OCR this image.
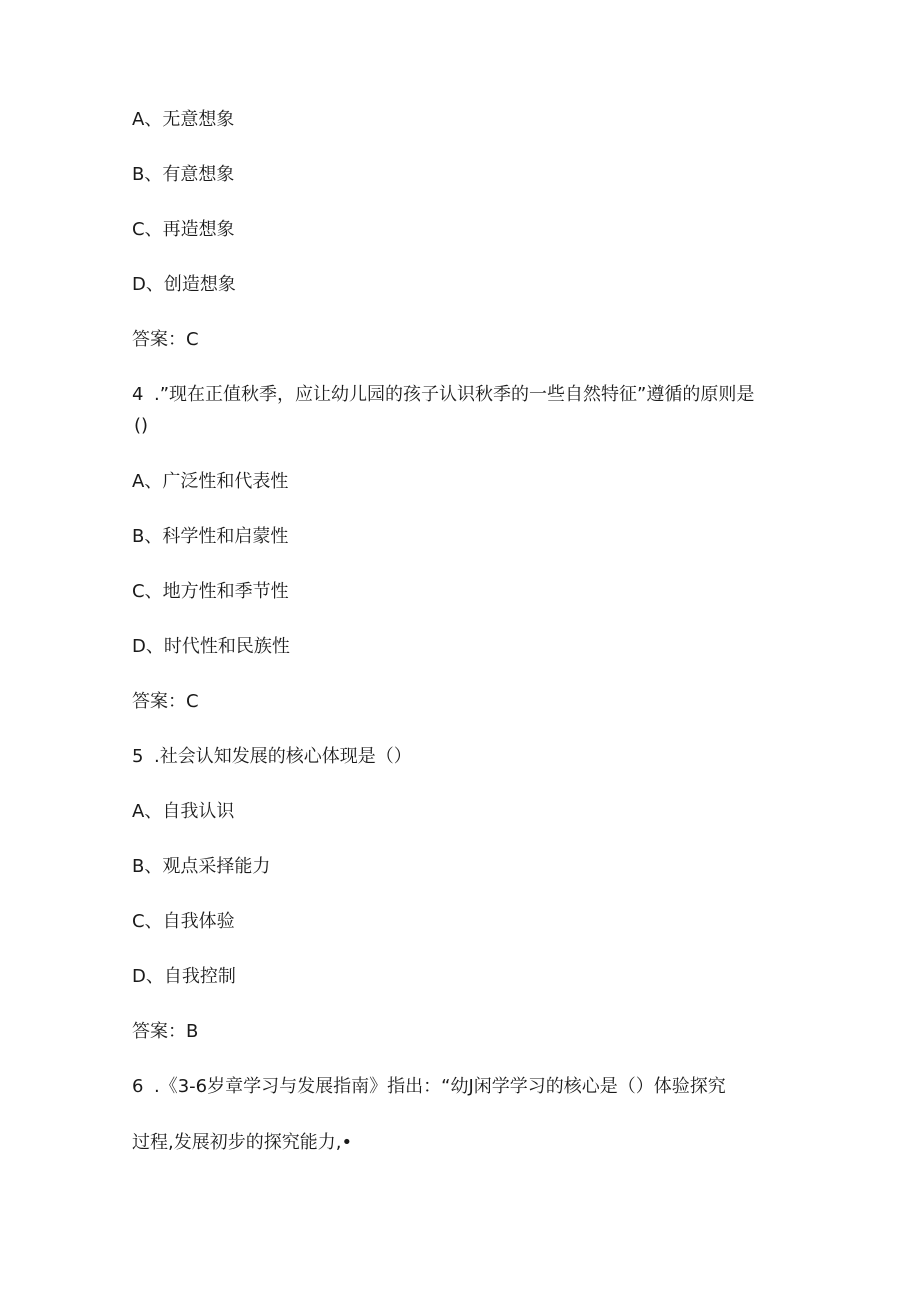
A、无意想象
B、有意想象
C、再造想象
D、创造想象
答案：C
4 .”现在正值秋季，应让幼儿园的孩子认识秋季的一些自然特征”遵循的原则是
()
A、广泛性和代表性
B、科学性和启蒙性
C、地方性和季节性
D、时代性和民族性
答案：C
5 .社会认知发展的核心体现是（）
A、自我认识
B、观点采择能力
C、自我体验
D、自我控制
答案：B
6 .《3-6岁章学习与发展指南》指出：“幼J闲学学习的核心是（）体验探究
过程,发展初步的探究能力,•
